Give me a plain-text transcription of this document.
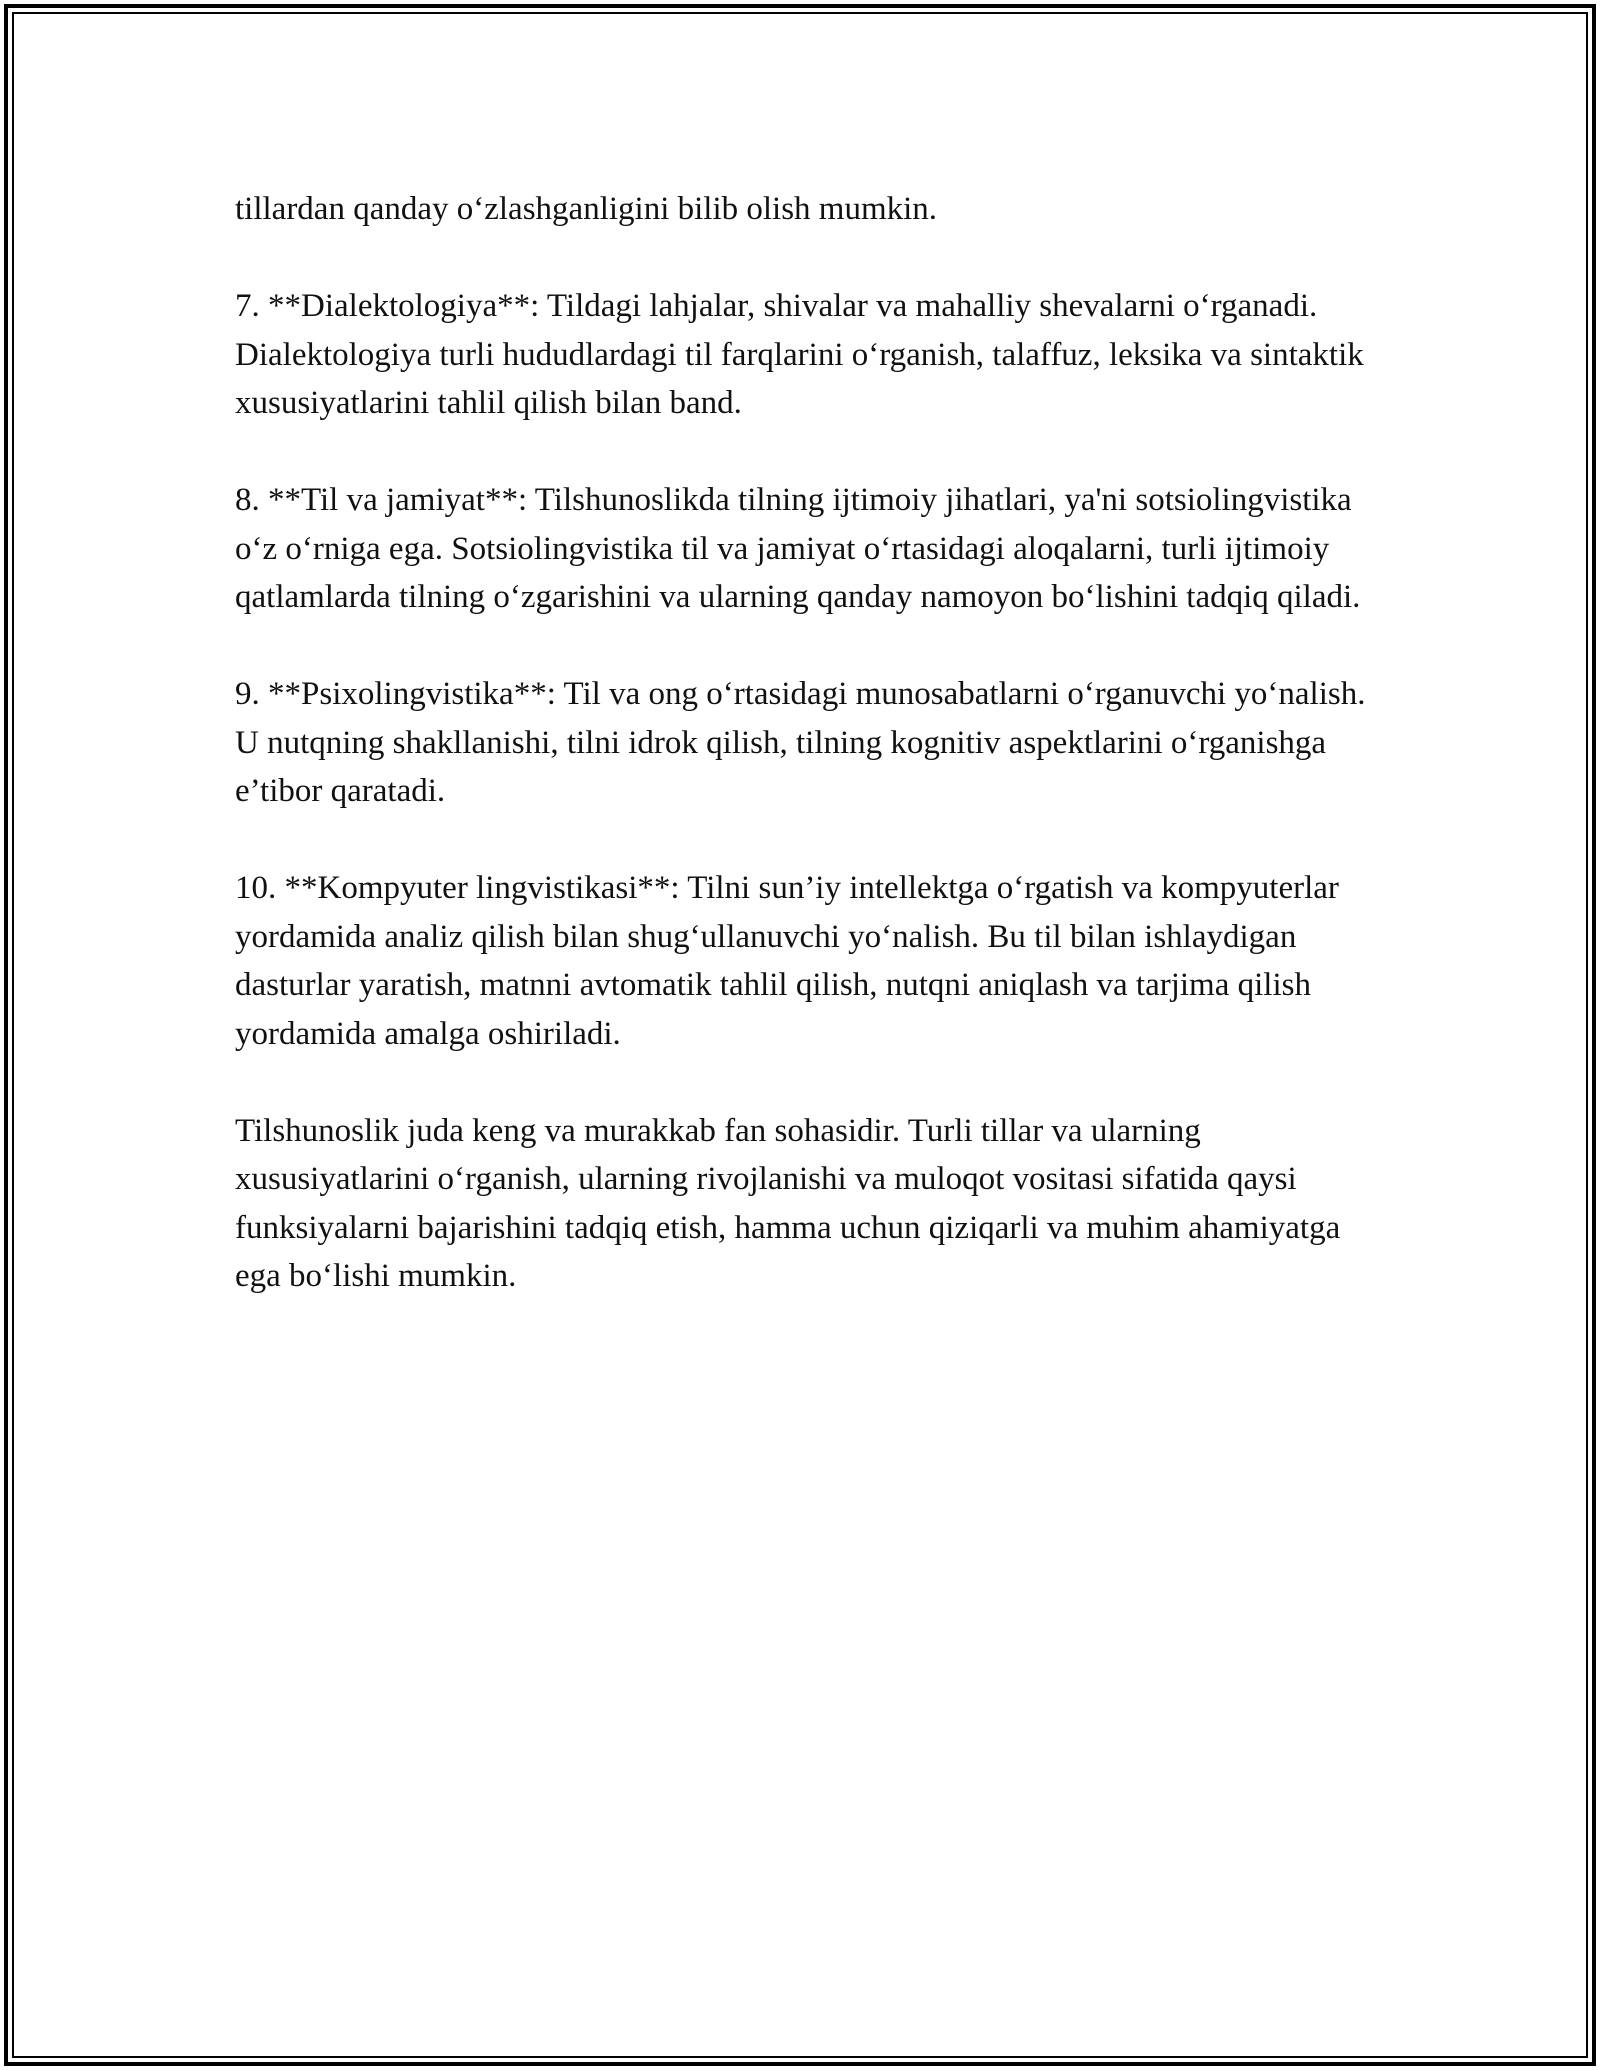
tillardan qanday o‘zlashganligini bilib olish mumkin.

7. **Dialektologiya**: Tildagi lahjalar, shivalar va mahalliy shevalarni o‘rganadi. Dialektologiya turli hududlardagi til farqlarini o‘rganish, talaffuz, leksika va sintaktik xususiyatlarini tahlil qilish bilan band.

8. **Til va jamiyat**: Tilshunoslikda tilning ijtimoiy jihatlari, ya'ni sotsiolingvistika o‘z o‘rniga ega. Sotsiolingvistika til va jamiyat o‘rtasidagi aloqalarni, turli ijtimoiy qatlamlarda tilning o‘zgarishini va ularning qanday namoyon bo‘lishini tadqiq qiladi.

9. **Psixolingvistika**: Til va ong o‘rtasidagi munosabatlarni o‘rganuvchi yo‘nalish. U nutqning shakllanishi, tilni idrok qilish, tilning kognitiv aspektlarini o‘rganishga e’tibor qaratadi.

10. **Kompyuter lingvistikasi**: Tilni sun’iy intellektga o‘rgatish va kompyuterlar yordamida analiz qilish bilan shug‘ullanuvchi yo‘nalish. Bu til bilan ishlaydigan dasturlar yaratish, matnni avtomatik tahlil qilish, nutqni aniqlash va tarjima qilish yordamida amalga oshiriladi.

Tilshunoslik juda keng va murakkab fan sohasidir. Turli tillar va ularning xususiyatlarini o‘rganish, ularning rivojlanishi va muloqot vositasi sifatida qaysi funksiyalarni bajarishini tadqiq etish, hamma uchun qiziqarli va muhim ahamiyatga ega bo‘lishi mumkin.
